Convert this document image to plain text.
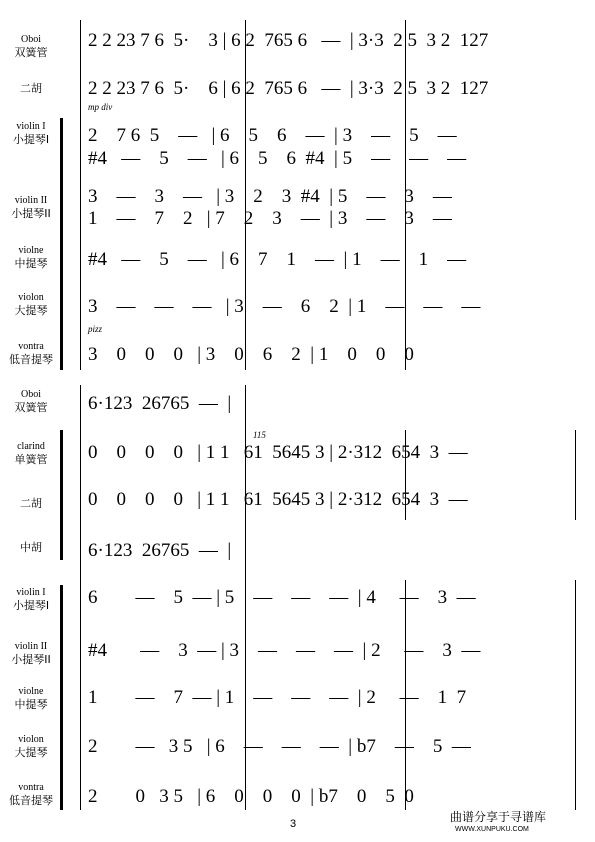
Oboi
双簧管
二胡
violin I
小提琴I
violin II
小提琴II
violne
中提琴
violon
大提琴
vontra
低音提琴
2 2 23 7 6  5·    3 | 6 2  765 6   —  | 3·3  2 5  3 2  127
2 2 23 7 6  5·    6 | 6 2  765 6   —  | 3·3  2 5  3 2  127
2    7 6  5    —   | 6    5    6    —  | 3    —    5    —
#4   —    5    —   | 6    5    6  #4  | 5    —    —    —
3    —    3    —   | 3    2    3  #4  | 5    —    3    —
1    —    7    2   | 7    2    3    —  | 3    —    3    —
#4   —    5    —   | 6    7    1    —  | 1    —    1    —
3    —    —    —   | 3    —    6    2  | 1    —    —    —
3    0    0    0   | 3    0    6    2  | 1    0    0    0
mp div
pizz
Oboi
双簧管
clarind
单簧管
二胡
中胡
violin I
小提琴I
violin II
小提琴II
violne
中提琴
violon
大提琴
vontra
低音提琴
6·123  26765  —  |
0    0    0    0   | 1 1   61  5645 3 | 2·312  654  3  —
0    0    0    0   | 1 1   61  5645 3 | 2·312  654  3  —
6·123  26765  —  |
6        —    5  — | 5    —    —    —  | 4     —    3  —
#4       —    3  — | 3    —    —    —  | 2     —    3  —
1        —    7  — | 1    —    —    —  | 2     —    1  7
2        —   3 5   | 6    —    —    —  | b7    —    5  —
2        0   3 5   | 6    0    0    0  | b7    0    5  0
115
3	曲谱分享于寻谱库
WWW.XUNPUKU.COM
